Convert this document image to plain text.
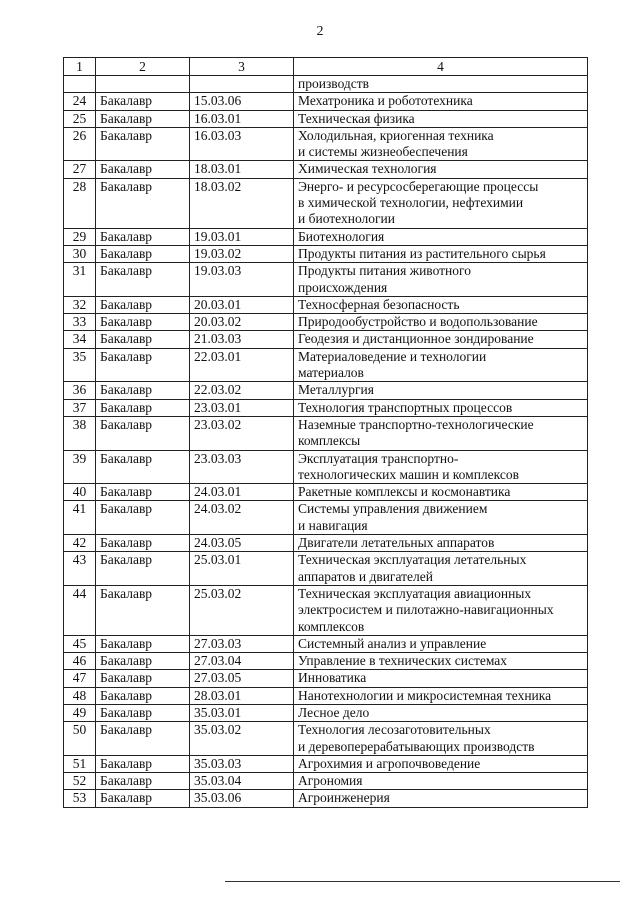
2
1	2	3	4
			производств
24	Бакалавр	15.03.06	Мехатроника и робототехника
25	Бакалавр	16.03.01	Техническая физика
26	Бакалавр	16.03.03	Холодильная, криогенная техника
и системы жизнеобеспечения
27	Бакалавр	18.03.01	Химическая технология
28	Бакалавр	18.03.02	Энерго- и ресурсосберегающие процессы
в химической технологии, нефтехимии
и биотехнологии
29	Бакалавр	19.03.01	Биотехнология
30	Бакалавр	19.03.02	Продукты питания из растительного сырья
31	Бакалавр	19.03.03	Продукты питания животного
происхождения
32	Бакалавр	20.03.01	Техносферная безопасность
33	Бакалавр	20.03.02	Природообустройство и водопользование
34	Бакалавр	21.03.03	Геодезия и дистанционное зондирование
35	Бакалавр	22.03.01	Материаловедение и технологии
материалов
36	Бакалавр	22.03.02	Металлургия
37	Бакалавр	23.03.01	Технология транспортных процессов
38	Бакалавр	23.03.02	Наземные транспортно-технологические
комплексы
39	Бакалавр	23.03.03	Эксплуатация транспортно-
технологических машин и комплексов
40	Бакалавр	24.03.01	Ракетные комплексы и космонавтика
41	Бакалавр	24.03.02	Системы управления движением
и навигация
42	Бакалавр	24.03.05	Двигатели летательных аппаратов
43	Бакалавр	25.03.01	Техническая эксплуатация летательных
аппаратов и двигателей
44	Бакалавр	25.03.02	Техническая эксплуатация авиационных
электросистем и пилотажно-навигационных
комплексов
45	Бакалавр	27.03.03	Системный анализ и управление
46	Бакалавр	27.03.04	Управление в технических системах
47	Бакалавр	27.03.05	Инноватика
48	Бакалавр	28.03.01	Нанотехнологии и микросистемная техника
49	Бакалавр	35.03.01	Лесное дело
50	Бакалавр	35.03.02	Технология лесозаготовительных
и деревоперерабатывающих производств
51	Бакалавр	35.03.03	Агрохимия и агропочвоведение
52	Бакалавр	35.03.04	Агрономия
53	Бакалавр	35.03.06	Агроинженерия
